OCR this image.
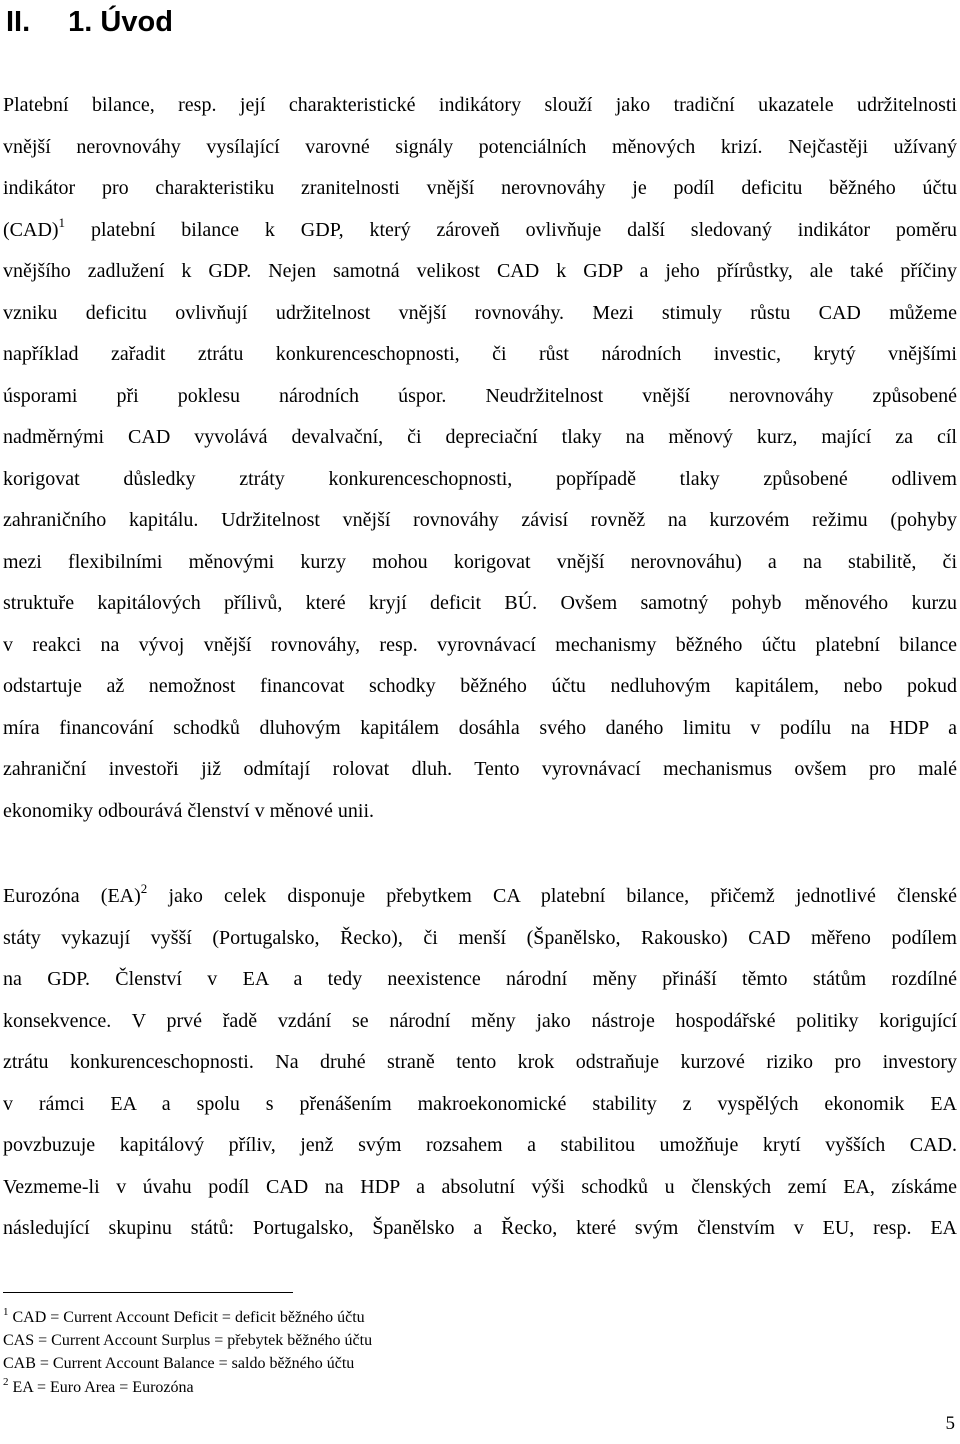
II. 1. Úvod
Platební bilance, resp. její charakteristické indikátory slouží jako tradiční ukazatele udržitelnosti
vnější nerovnováhy vysílající varovné signály potenciálních měnových krizí. Nejčastěji užívaný
indikátor pro charakteristiku zranitelnosti vnější nerovnováhy je podíl deficitu běžného účtu
(CAD)$^1$ platební bilance k GDP, který zároveň ovlivňuje další sledovaný indikátor poměru
vnějšího zadlužení k GDP. Nejen samotná velikost CAD k GDP a jeho přírůstky, ale také příčiny
vzniku deficitu ovlivňují udržitelnost vnější rovnováhy. Mezi stimuly růstu CAD můžeme
například zařadit ztrátu konkurenceschopnosti, či růst národních investic, krytý vnějšími
úsporami při poklesu národních úspor. Neudržitelnost vnější nerovnováhy způsobené
nadměrnými CAD vyvolává devalvační, či depreciační tlaky na měnový kurz, mající za cíl
korigovat důsledky ztráty konkurenceschopnosti, popřípadě tlaky způsobené odlivem
zahraničního kapitálu. Udržitelnost vnější rovnováhy závisí rovněž na kurzovém režimu (pohyby
mezi flexibilními měnovými kurzy mohou korigovat vnější nerovnováhu) a na stabilitě, či
struktuře kapitálových přílivů, které kryjí deficit BÚ. Ovšem samotný pohyb měnového kurzu
v reakci na vývoj vnější rovnováhy, resp. vyrovnávací mechanismy běžného účtu platební bilance
odstartuje až nemožnost financovat schodky běžného účtu nedluhovým kapitálem, nebo pokud
míra financování schodků dluhovým kapitálem dosáhla svého daného limitu v podílu na HDP a
zahraniční investoři již odmítají rolovat dluh. Tento vyrovnávací mechanismus ovšem pro malé
ekonomiky odbourává členství v měnové unii.
Eurozóna (EA)$^2$ jako celek disponuje přebytkem CA platební bilance, přičemž jednotlivé členské
státy vykazují vyšší (Portugalsko, Řecko), či menší (Španělsko, Rakousko) CAD měřeno podílem
na GDP. Členství v EA a tedy neexistence národní měny přináší těmto státům rozdílné
konsekvence. V prvé řadě vzdání se národní měny jako nástroje hospodářské politiky korigující
ztrátu konkurenceschopnosti. Na druhé straně tento krok odstraňuje kurzové riziko pro investory
v rámci EA a spolu s přenášením makroekonomické stability z vyspělých ekonomik EA
povzbuzuje kapitálový příliv, jenž svým rozsahem a stabilitou umožňuje krytí vyšších CAD.
Vezmeme-li v úvahu podíl CAD na HDP a absolutní výši schodků u členských zemí EA, získáme
následující skupinu států: Portugalsko, Španělsko a Řecko, které svým členstvím v EU, resp. EA
$^1$ CAD = Current Account Deficit = deficit běžného účtu
CAS = Current Account Surplus = přebytek běžného účtu
CAB = Current Account Balance = saldo běžného účtu
$^2$ EA = Euro Area = Eurozóna
5
